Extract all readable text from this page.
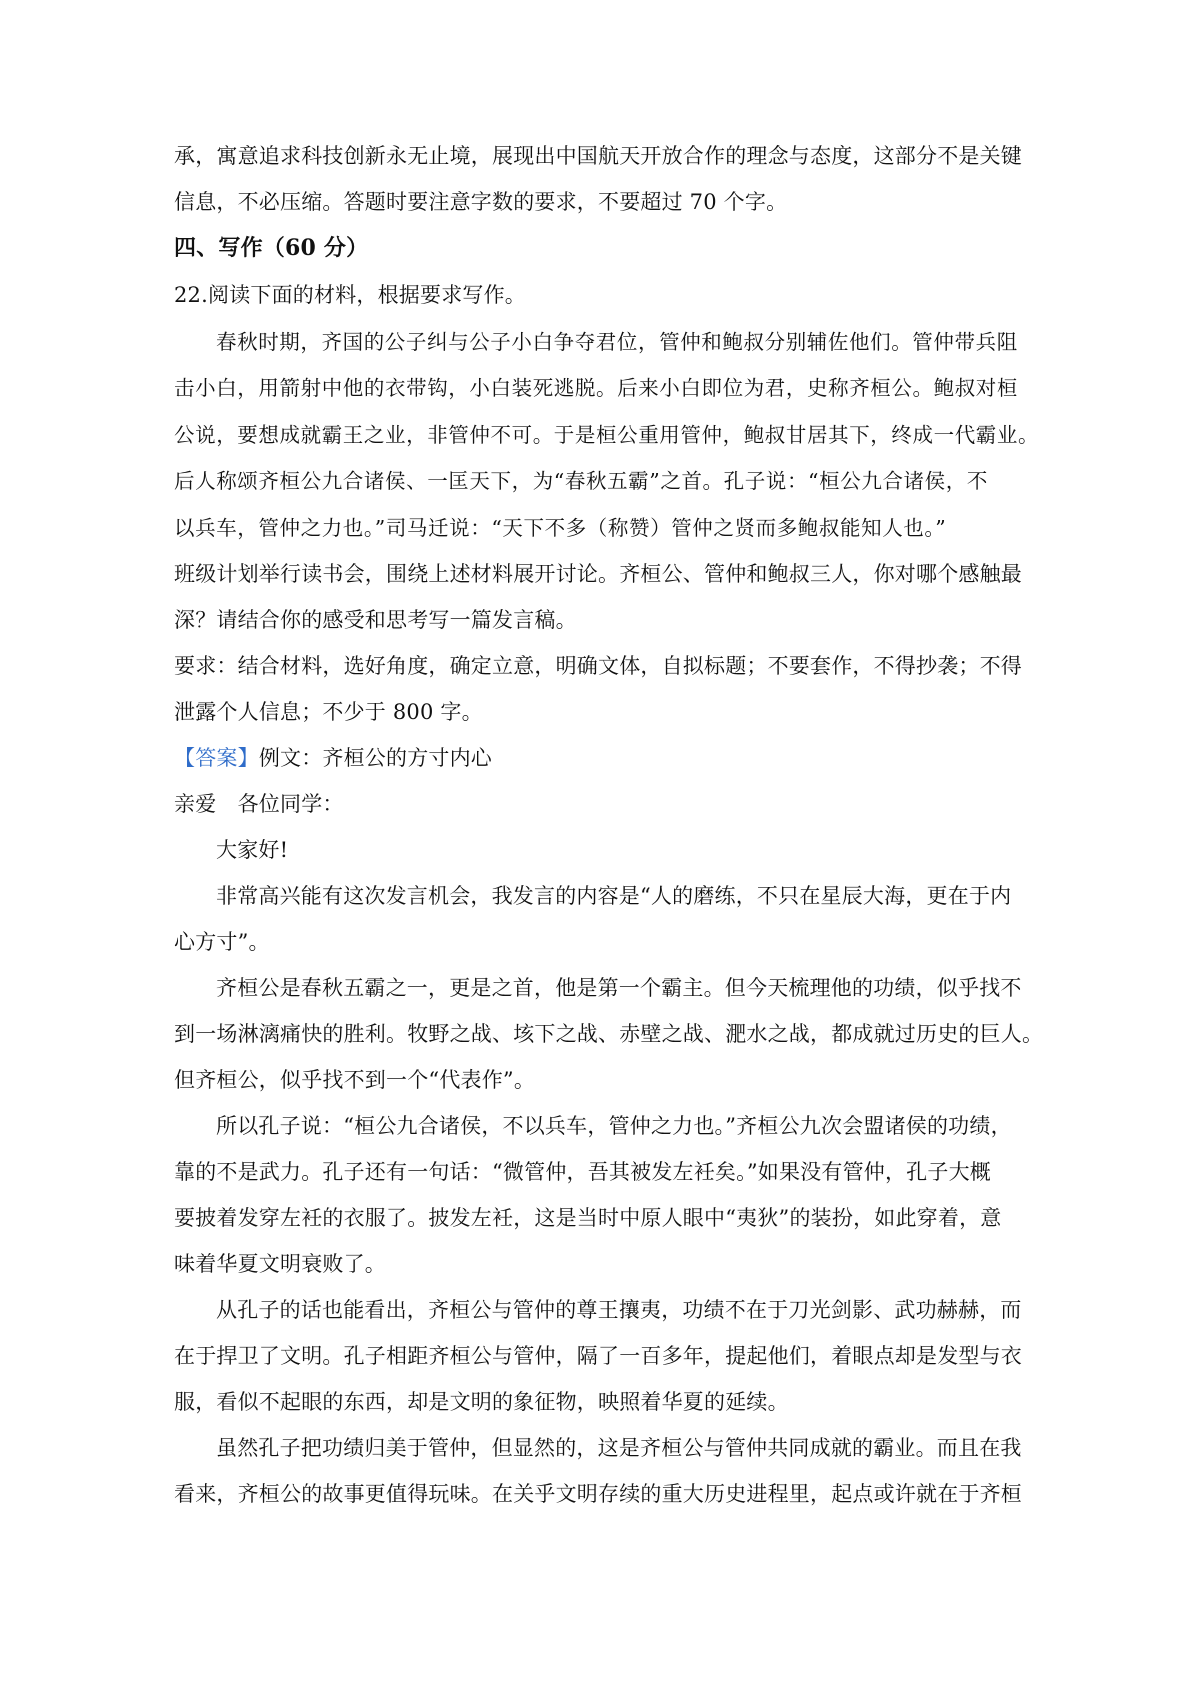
承，寓意追求科技创新永无止境，展现出中国航天开放合作的理念与态度，这部分不是关键
信息，不必压缩。答题时要注意字数的要求，不要超过 70 个字。
四、写作（60 分）
22.阅读下面的材料，根据要求写作。
春秋时期，齐国的公子纠与公子小白争夺君位，管仲和鲍叔分别辅佐他们。管仲带兵阻
击小白，用箭射中他的衣带钩，小白装死逃脱。后来小白即位为君，史称齐桓公。鲍叔对桓
公说，要想成就霸王之业，非管仲不可。于是桓公重用管仲，鲍叔甘居其下，终成一代霸业。
后人称颂齐桓公九合诸侯、一匡天下，为“春秋五霸”之首。孔子说：“桓公九合诸侯，不
以兵车，管仲之力也。”司马迁说：“天下不多（称赞）管仲之贤而多鲍叔能知人也。”
班级计划举行读书会，围绕上述材料展开讨论。齐桓公、管仲和鲍叔三人，你对哪个感触最
深？请结合你的感受和思考写一篇发言稿。
要求：结合材料，选好角度，确定立意，明确文体，自拟标题；不要套作，不得抄袭；不得
泄露个人信息；不少于 800 字。
【答案】例文：齐桓公的方寸内心
亲爱　各位同学：
大家好!
非常高兴能有这次发言机会，我发言的内容是“人的磨练，不只在星辰大海，更在于内
心方寸”。
齐桓公是春秋五霸之一，更是之首，他是第一个霸主。但今天梳理他的功绩，似乎找不
到一场淋漓痛快的胜利。牧野之战、垓下之战、赤壁之战、淝水之战，都成就过历史的巨人。
但齐桓公，似乎找不到一个“代表作”。
所以孔子说：“桓公九合诸侯，不以兵车，管仲之力也。”齐桓公九次会盟诸侯的功绩，
靠的不是武力。孔子还有一句话：“微管仲，吾其被发左衽矣。”如果没有管仲，孔子大概
要披着发穿左衽的衣服了。披发左衽，这是当时中原人眼中“夷狄”的装扮，如此穿着，意
味着华夏文明衰败了。
从孔子的话也能看出，齐桓公与管仲的尊王攘夷，功绩不在于刀光剑影、武功赫赫，而
在于捍卫了文明。孔子相距齐桓公与管仲，隔了一百多年，提起他们，着眼点却是发型与衣
服，看似不起眼的东西，却是文明的象征物，映照着华夏的延续。
虽然孔子把功绩归美于管仲，但显然的，这是齐桓公与管仲共同成就的霸业。而且在我
看来，齐桓公的故事更值得玩味。在关乎文明存续的重大历史进程里，起点或许就在于齐桓
